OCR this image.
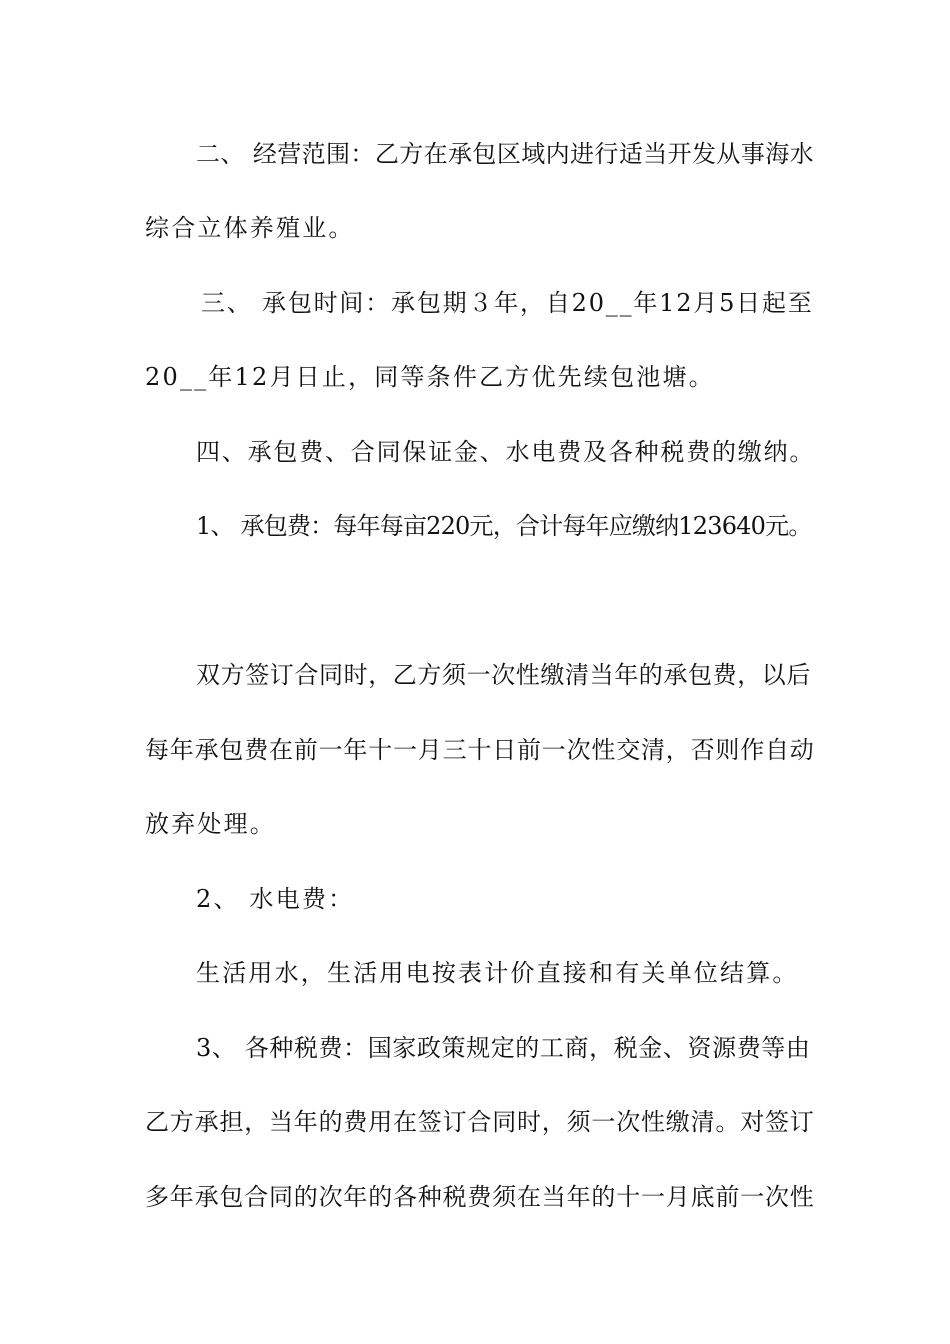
二、 经营范围：乙方在承包区域内进行适当开发从事海水
综合立体养殖业。
三、 承包时间：承包期３年，自20__年12月5日起至
20__年12月日止，同等条件乙方优先续包池塘。
四、承包费、合同保证金、水电费及各种税费的缴纳。
1、 承包费：每年每亩220元，合计每年应缴纳123640元。
双方签订合同时，乙方须一次性缴清当年的承包费，以后
每年承包费在前一年十一月三十日前一次性交清，否则作自动
放弃处理。
2、 水电费：
生活用水，生活用电按表计价直接和有关单位结算。
3、 各种税费：国家政策规定的工商，税金、资源费等由
乙方承担，当年的费用在签订合同时，须一次性缴清。对签订
多年承包合同的次年的各种税费须在当年的十一月底前一次性
